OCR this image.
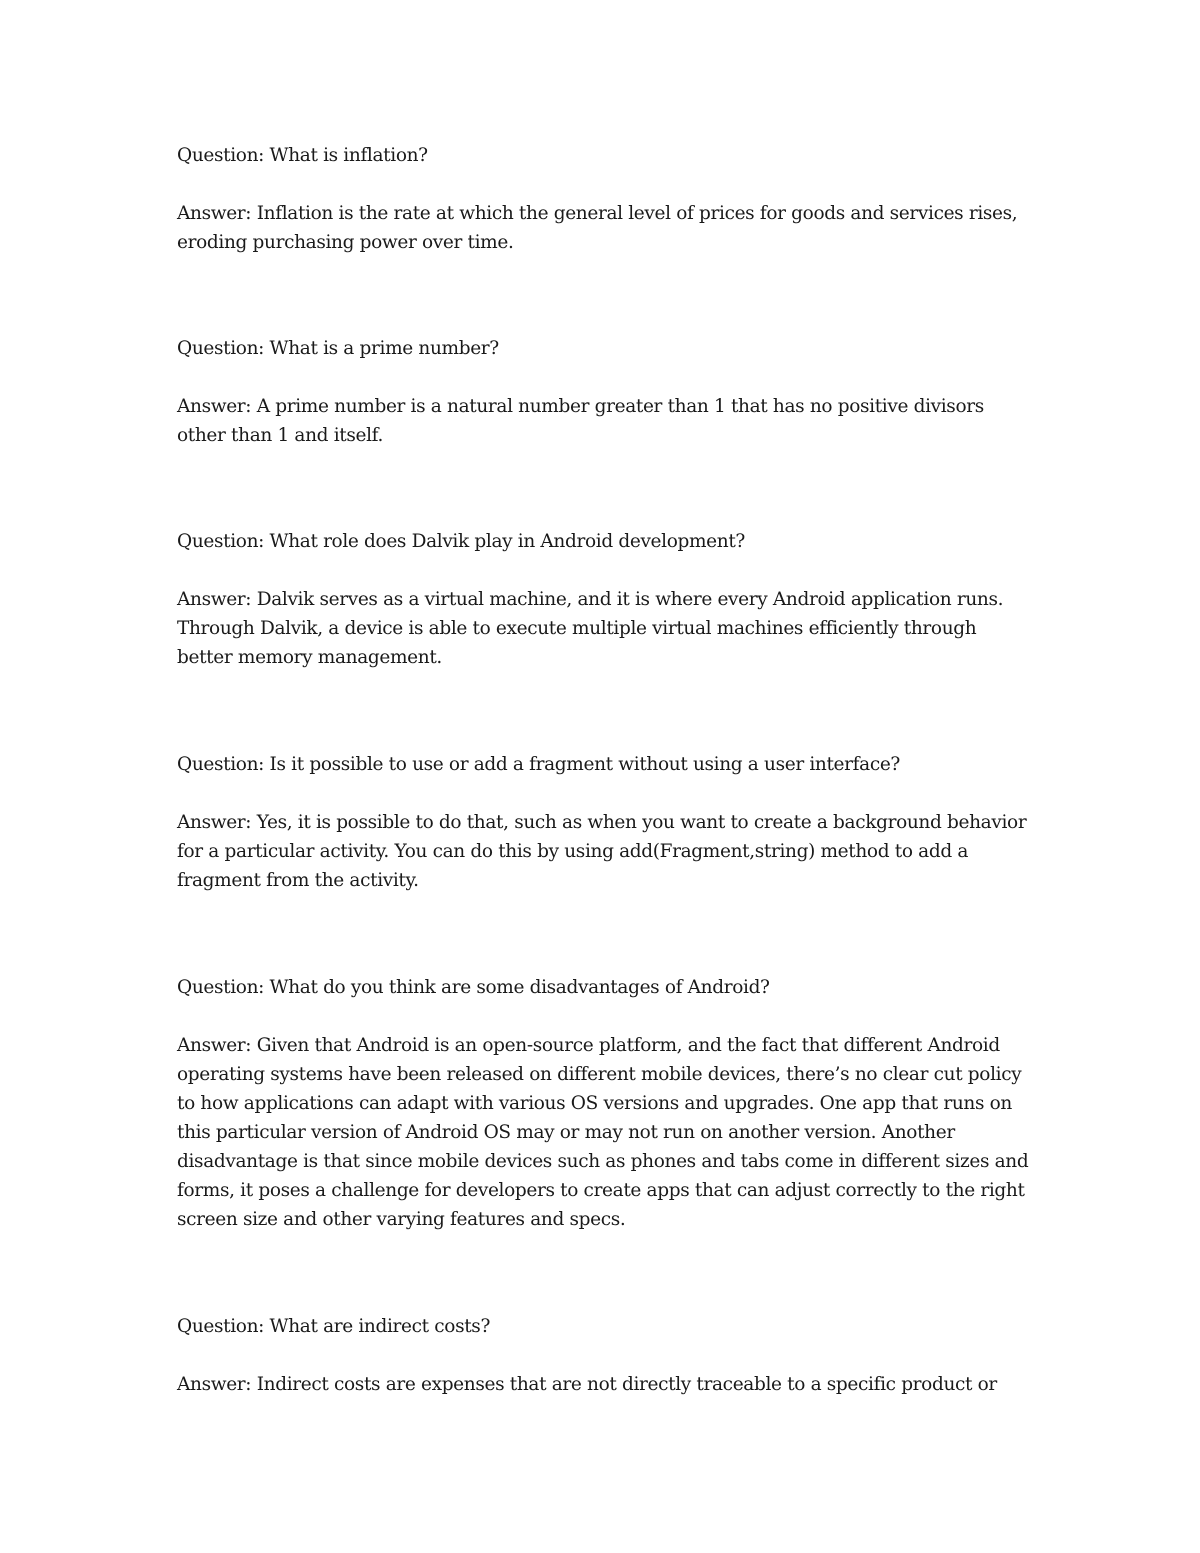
Question: What is inflation?

Answer: Inflation is the rate at which the general level of prices for goods and services rises, eroding purchasing power over time.

Question: What is a prime number?

Answer: A prime number is a natural number greater than 1 that has no positive divisors other than 1 and itself.

Question: What role does Dalvik play in Android development?

Answer: Dalvik serves as a virtual machine, and it is where every Android application runs. Through Dalvik, a device is able to execute multiple virtual machines efficiently through better memory management.

Question: Is it possible to use or add a fragment without using a user interface?

Answer: Yes, it is possible to do that, such as when you want to create a background behavior for a particular activity. You can do this by using add(Fragment,string) method to add a fragment from the activity.

Question: What do you think are some disadvantages of Android?

Answer: Given that Android is an open-source platform, and the fact that different Android operating systems have been released on different mobile devices, there’s no clear cut policy to how applications can adapt with various OS versions and upgrades. One app that runs on this particular version of Android OS may or may not run on another version. Another disadvantage is that since mobile devices such as phones and tabs come in different sizes and forms, it poses a challenge for developers to create apps that can adjust correctly to the right screen size and other varying features and specs.

Question: What are indirect costs?

Answer: Indirect costs are expenses that are not directly traceable to a specific product or
